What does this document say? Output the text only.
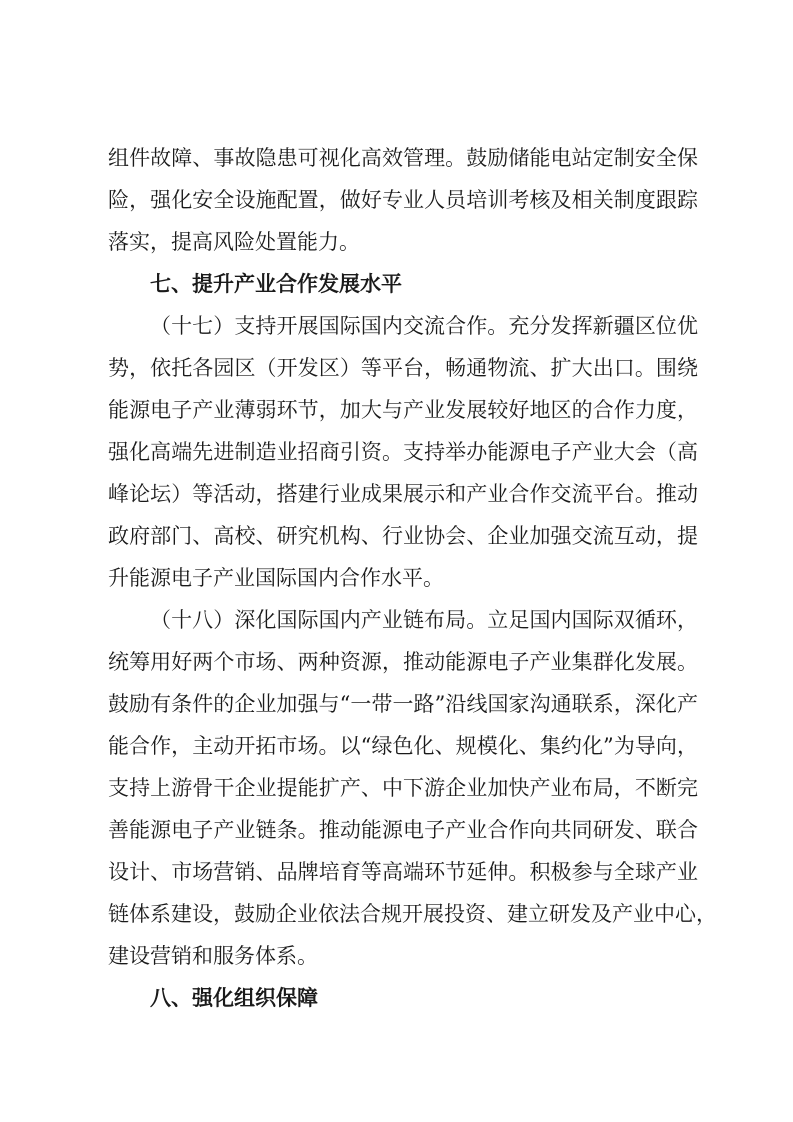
组件故障、事故隐患可视化高效管理。鼓励储能电站定制安全保
险，强化安全设施配置，做好专业人员培训考核及相关制度跟踪
落实，提高风险处置能力。
七、提升产业合作发展水平
（十七）支持开展国际国内交流合作。充分发挥新疆区位优
势，依托各园区（开发区）等平台，畅通物流、扩大出口。围绕
能源电子产业薄弱环节，加大与产业发展较好地区的合作力度，
强化高端先进制造业招商引资。支持举办能源电子产业大会（高
峰论坛）等活动，搭建行业成果展示和产业合作交流平台。推动
政府部门、高校、研究机构、行业协会、企业加强交流互动，提
升能源电子产业国际国内合作水平。
（十八）深化国际国内产业链布局。立足国内国际双循环，
统筹用好两个市场、两种资源，推动能源电子产业集群化发展。
鼓励有条件的企业加强与“一带一路”沿线国家沟通联系，深化产
能合作，主动开拓市场。以“绿色化、规模化、集约化”为导向，
支持上游骨干企业提能扩产、中下游企业加快产业布局，不断完
善能源电子产业链条。推动能源电子产业合作向共同研发、联合
设计、市场营销、品牌培育等高端环节延伸。积极参与全球产业
链体系建设，鼓励企业依法合规开展投资、建立研发及产业中心，
建设营销和服务体系。
八、强化组织保障
